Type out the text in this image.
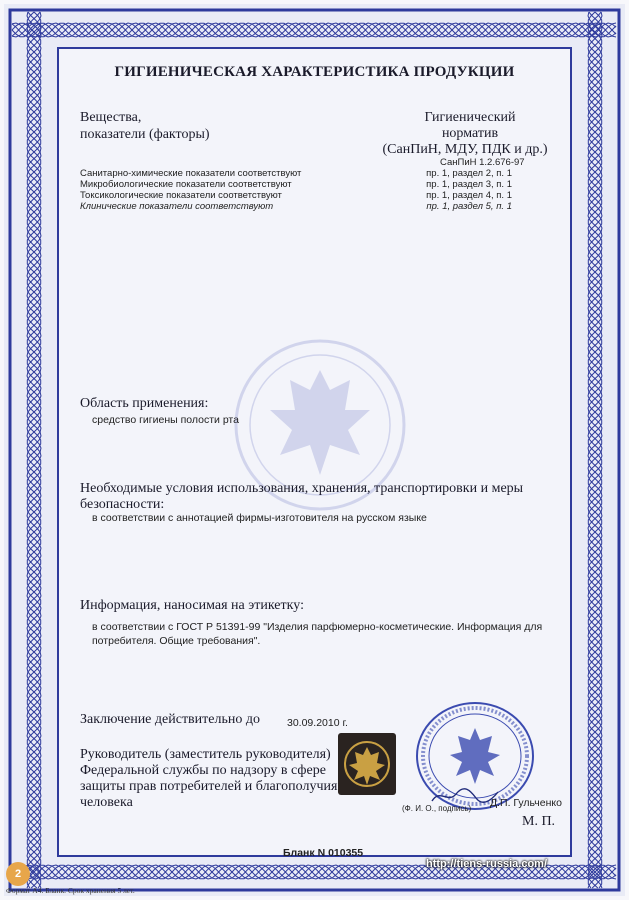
ГИГИЕНИЧЕСКАЯ ХАРАКТЕРИСТИКА ПРОДУКЦИИ
Вещества,
показатели (факторы)
Гигиенический
норматив
(СанПиН, МДУ, ПДК и др.)
СанПиН 1.2.676-97
Санитарно-химические показатели соответствуют	пр. 1, раздел 2, п. 1
Микробиологические показатели соответствуют	пр. 1, раздел 3, п. 1
Токсикологические показатели соответствуют	пр. 1, раздел 4, п. 1
Клинические показатели соответствуют	пр. 1, раздел 5, п. 1
Область применения:
средство гигиены полости рта
Необходимые условия использования, хранения, транспортировки и меры
безопасности:
в соответствии с аннотацией фирмы-изготовителя на русском языке
Информация, наносимая на этикетку:
в соответствии с ГОСТ Р 51391-99 "Изделия парфюмерно-косметические. Информация для
потребителя. Общие требования".
Заключение действительно до	30.09.2010 г.
Руководитель (заместитель руководителя)
Федеральной службы по надзору в сфере
защиты прав потребителей и благополучия
человека	(Ф. И. О., подпись) Д.П. Гульченко
М. П.
Бланк N 010355
http://tiens-russia.com/
Формат А4. Бланк. Срок хранения 5 лет.
2
